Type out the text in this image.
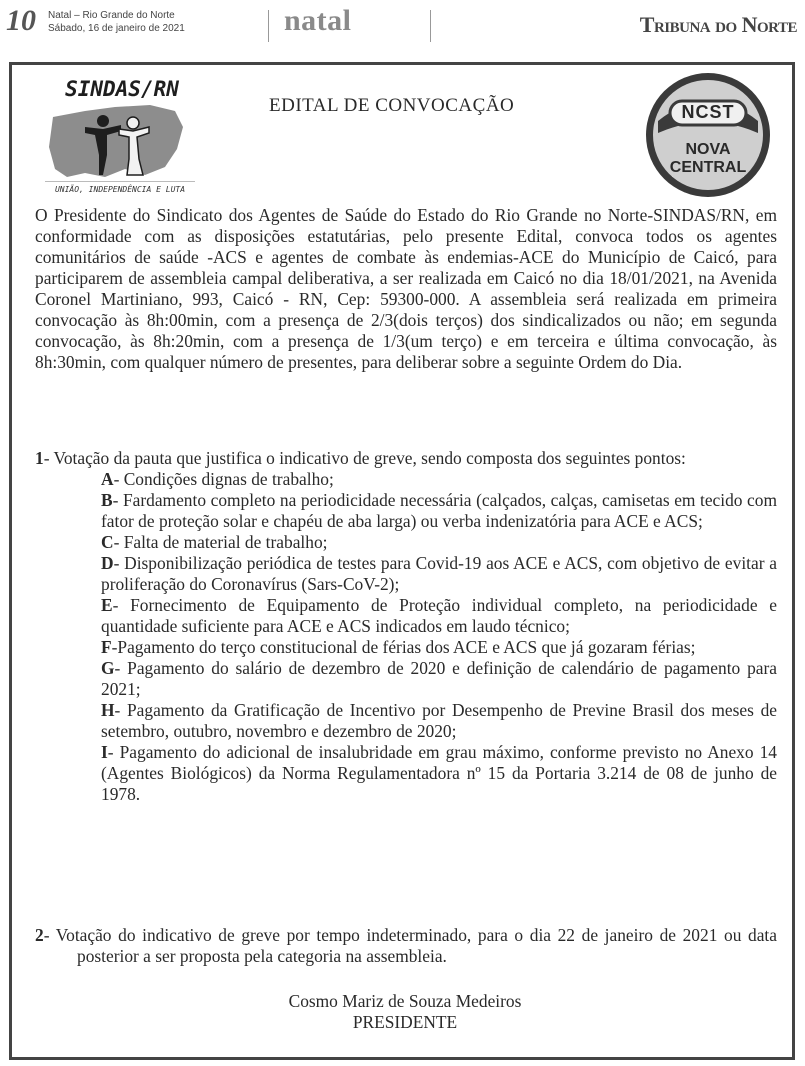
10 Natal – Rio Grande do Norte
Sábado, 16 de janeiro de 2021	natal	Tribuna do Norte
SINDAS/RN
UNIÃO, INDEPENDÊNCIA E LUTA
EDITAL DE CONVOCAÇÃO	NCST
NOVA
CENTRAL
O Presidente do Sindicato dos Agentes de Saúde do Estado do Rio Grande no Norte-SINDAS/RN, em conformidade com as disposições estatutárias, pelo presente Edital, convoca todos os agentes comunitários de saúde -ACS e agentes de combate às endemias-ACE do Município de Caicó, para participarem de assembleia campal deliberativa, a ser realizada em Caicó no dia 18/01/2021, na Avenida Coronel Martiniano, 993, Caicó - RN, Cep: 59300-000. A assembleia será realizada em primeira convocação às 8h:00min, com a presença de 2/3(dois terços) dos sindicalizados ou não; em segunda convocação, às 8h:20min, com a presença de 1/3(um terço) e em terceira e última convocação, às 8h:30min, com qualquer número de presentes, para deliberar sobre a seguinte Ordem do Dia.

1- Votação da pauta que justifica o indicativo de greve, sendo composta dos seguintes pontos:

A- Condições dignas de trabalho;

B- Fardamento completo na periodicidade necessária (calçados, calças, camisetas em tecido com fator de proteção solar e chapéu de aba larga) ou verba indenizatória para ACE e ACS;

C- Falta de material de trabalho;

D- Disponibilização periódica de testes para Covid-19 aos ACE e ACS, com objetivo de evitar a proliferação do Coronavírus (Sars-CoV-2);

E- Fornecimento de Equipamento de Proteção individual completo, na periodicidade e quantidade suficiente para ACE e ACS indicados em laudo técnico;

F-Pagamento do terço constitucional de férias dos ACE e ACS que já gozaram férias;

G- Pagamento do salário de dezembro de 2020 e definição de calendário de pagamento para 2021;

H- Pagamento da Gratificação de Incentivo por Desempenho de Previne Brasil dos meses de setembro, outubro, novembro e dezembro de 2020;

I- Pagamento do adicional de insalubridade em grau máximo, conforme previsto no Anexo 14 (Agentes Biológicos) da Norma Regulamentadora nº 15 da Portaria 3.214 de 08 de junho de 1978.

2- Votação do indicativo de greve por tempo indeterminado, para o dia 22 de janeiro de 2021 ou data posterior a ser proposta pela categoria na assembleia.

Cosmo Mariz de Souza Medeiros
PRESIDENTE
